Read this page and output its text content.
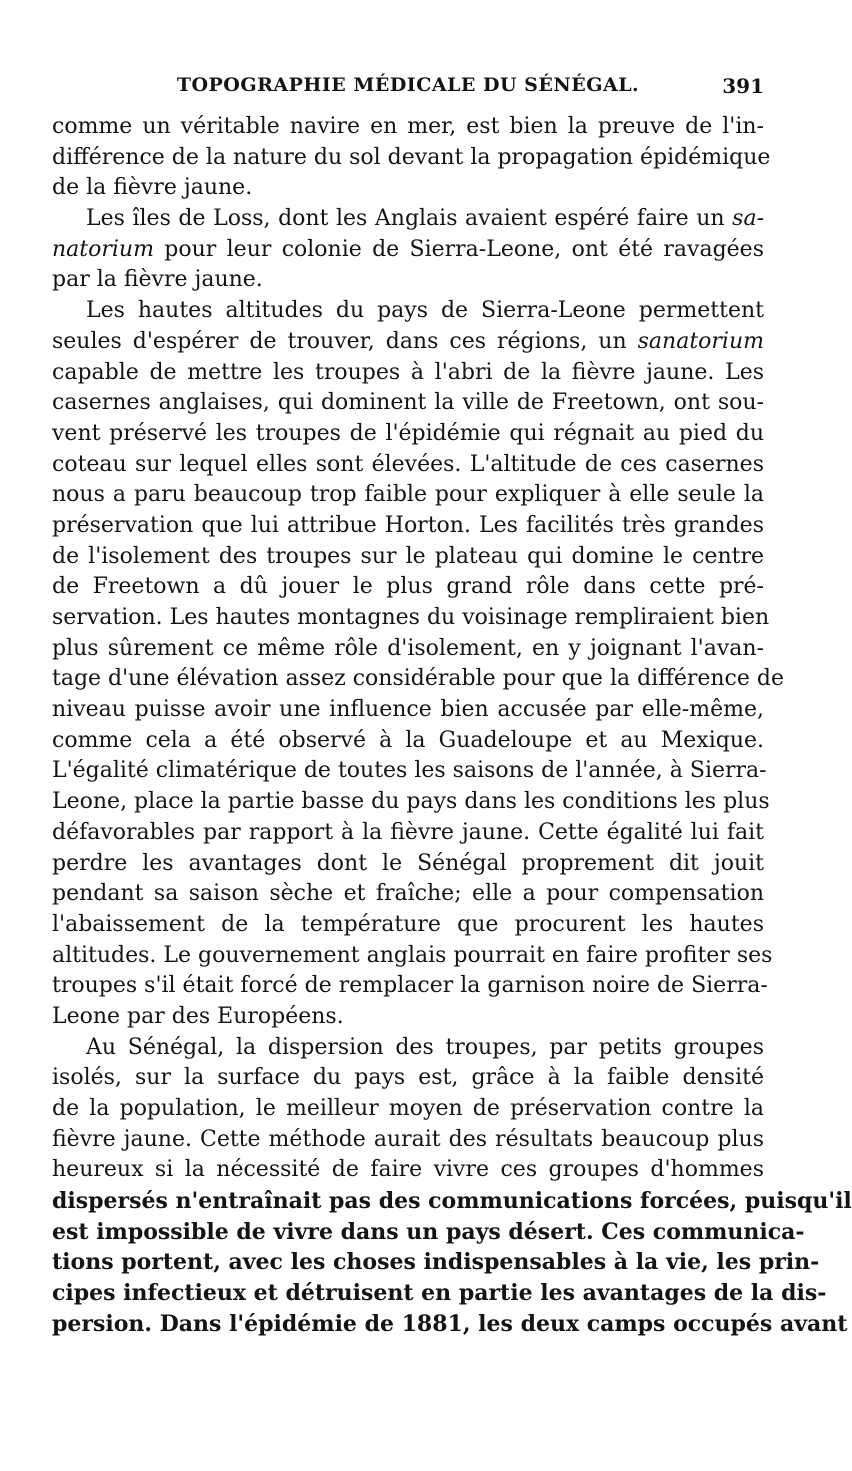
TOPOGRAPHIE MÉDICALE DU SÉNÉGAL.	391
comme un véritable navire en mer, est bien la preuve de l'in-
différence de la nature du sol devant la propagation épidémique
de la fièvre jaune.
Les îles de Loss, dont les Anglais avaient espéré faire un sa-
natorium pour leur colonie de Sierra-Leone, ont été ravagées
par la fièvre jaune.
Les hautes altitudes du pays de Sierra-Leone permettent
seules d'espérer de trouver, dans ces régions, un sanatorium
capable de mettre les troupes à l'abri de la fièvre jaune. Les
casernes anglaises, qui dominent la ville de Freetown, ont sou-
vent préservé les troupes de l'épidémie qui régnait au pied du
coteau sur lequel elles sont élevées. L'altitude de ces casernes
nous a paru beaucoup trop faible pour expliquer à elle seule la
préservation que lui attribue Horton. Les facilités très grandes
de l'isolement des troupes sur le plateau qui domine le centre
de Freetown a dû jouer le plus grand rôle dans cette pré-
servation. Les hautes montagnes du voisinage rempliraient bien
plus sûrement ce même rôle d'isolement, en y joignant l'avan-
tage d'une élévation assez considérable pour que la différence de
niveau puisse avoir une influence bien accusée par elle-même,
comme cela a été observé à la Guadeloupe et au Mexique.
L'égalité climatérique de toutes les saisons de l'année, à Sierra-
Leone, place la partie basse du pays dans les conditions les plus
défavorables par rapport à la fièvre jaune. Cette égalité lui fait
perdre les avantages dont le Sénégal proprement dit jouit
pendant sa saison sèche et fraîche; elle a pour compensation
l'abaissement de la température que procurent les hautes
altitudes. Le gouvernement anglais pourrait en faire profiter ses
troupes s'il était forcé de remplacer la garnison noire de Sierra-
Leone par des Européens.
Au Sénégal, la dispersion des troupes, par petits groupes
isolés, sur la surface du pays est, grâce à la faible densité
de la population, le meilleur moyen de préservation contre la
fièvre jaune. Cette méthode aurait des résultats beaucoup plus
heureux si la nécessité de faire vivre ces groupes d'hommes
dispersés n'entraînait pas des communications forcées, puisqu'il
est impossible de vivre dans un pays désert. Ces communica-
tions portent, avec les choses indispensables à la vie, les prin-
cipes infectieux et détruisent en partie les avantages de la dis-
persion. Dans l'épidémie de 1881, les deux camps occupés avant
